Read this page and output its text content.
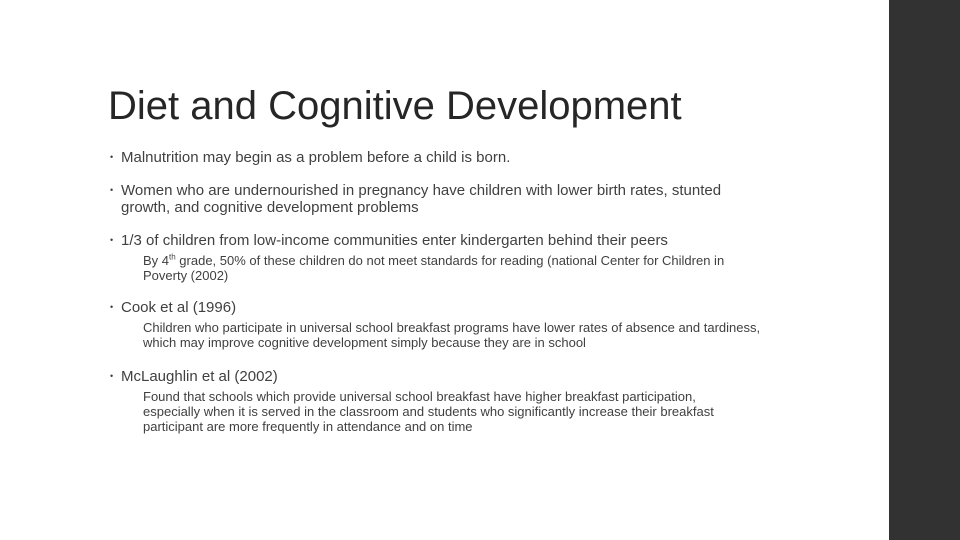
Diet and Cognitive Development
• Malnutrition may begin as a problem before a child is born.
• Women who are undernourished in pregnancy have children with lower birth rates, stunted growth, and cognitive development problems
• 1/3 of children from low-income communities enter kindergarten behind their peers
By 4th grade, 50% of these children do not meet standards for reading (national Center for Children in Poverty (2002)
• Cook et al (1996)
Children who participate in universal school breakfast programs have lower rates of absence and tardiness, which may improve cognitive development simply because they are in school
• McLaughlin et al (2002)
Found that schools which provide universal school breakfast have higher breakfast participation, especially when it is served in the classroom and students who significantly increase their breakfast participant are more frequently in attendance and on time
